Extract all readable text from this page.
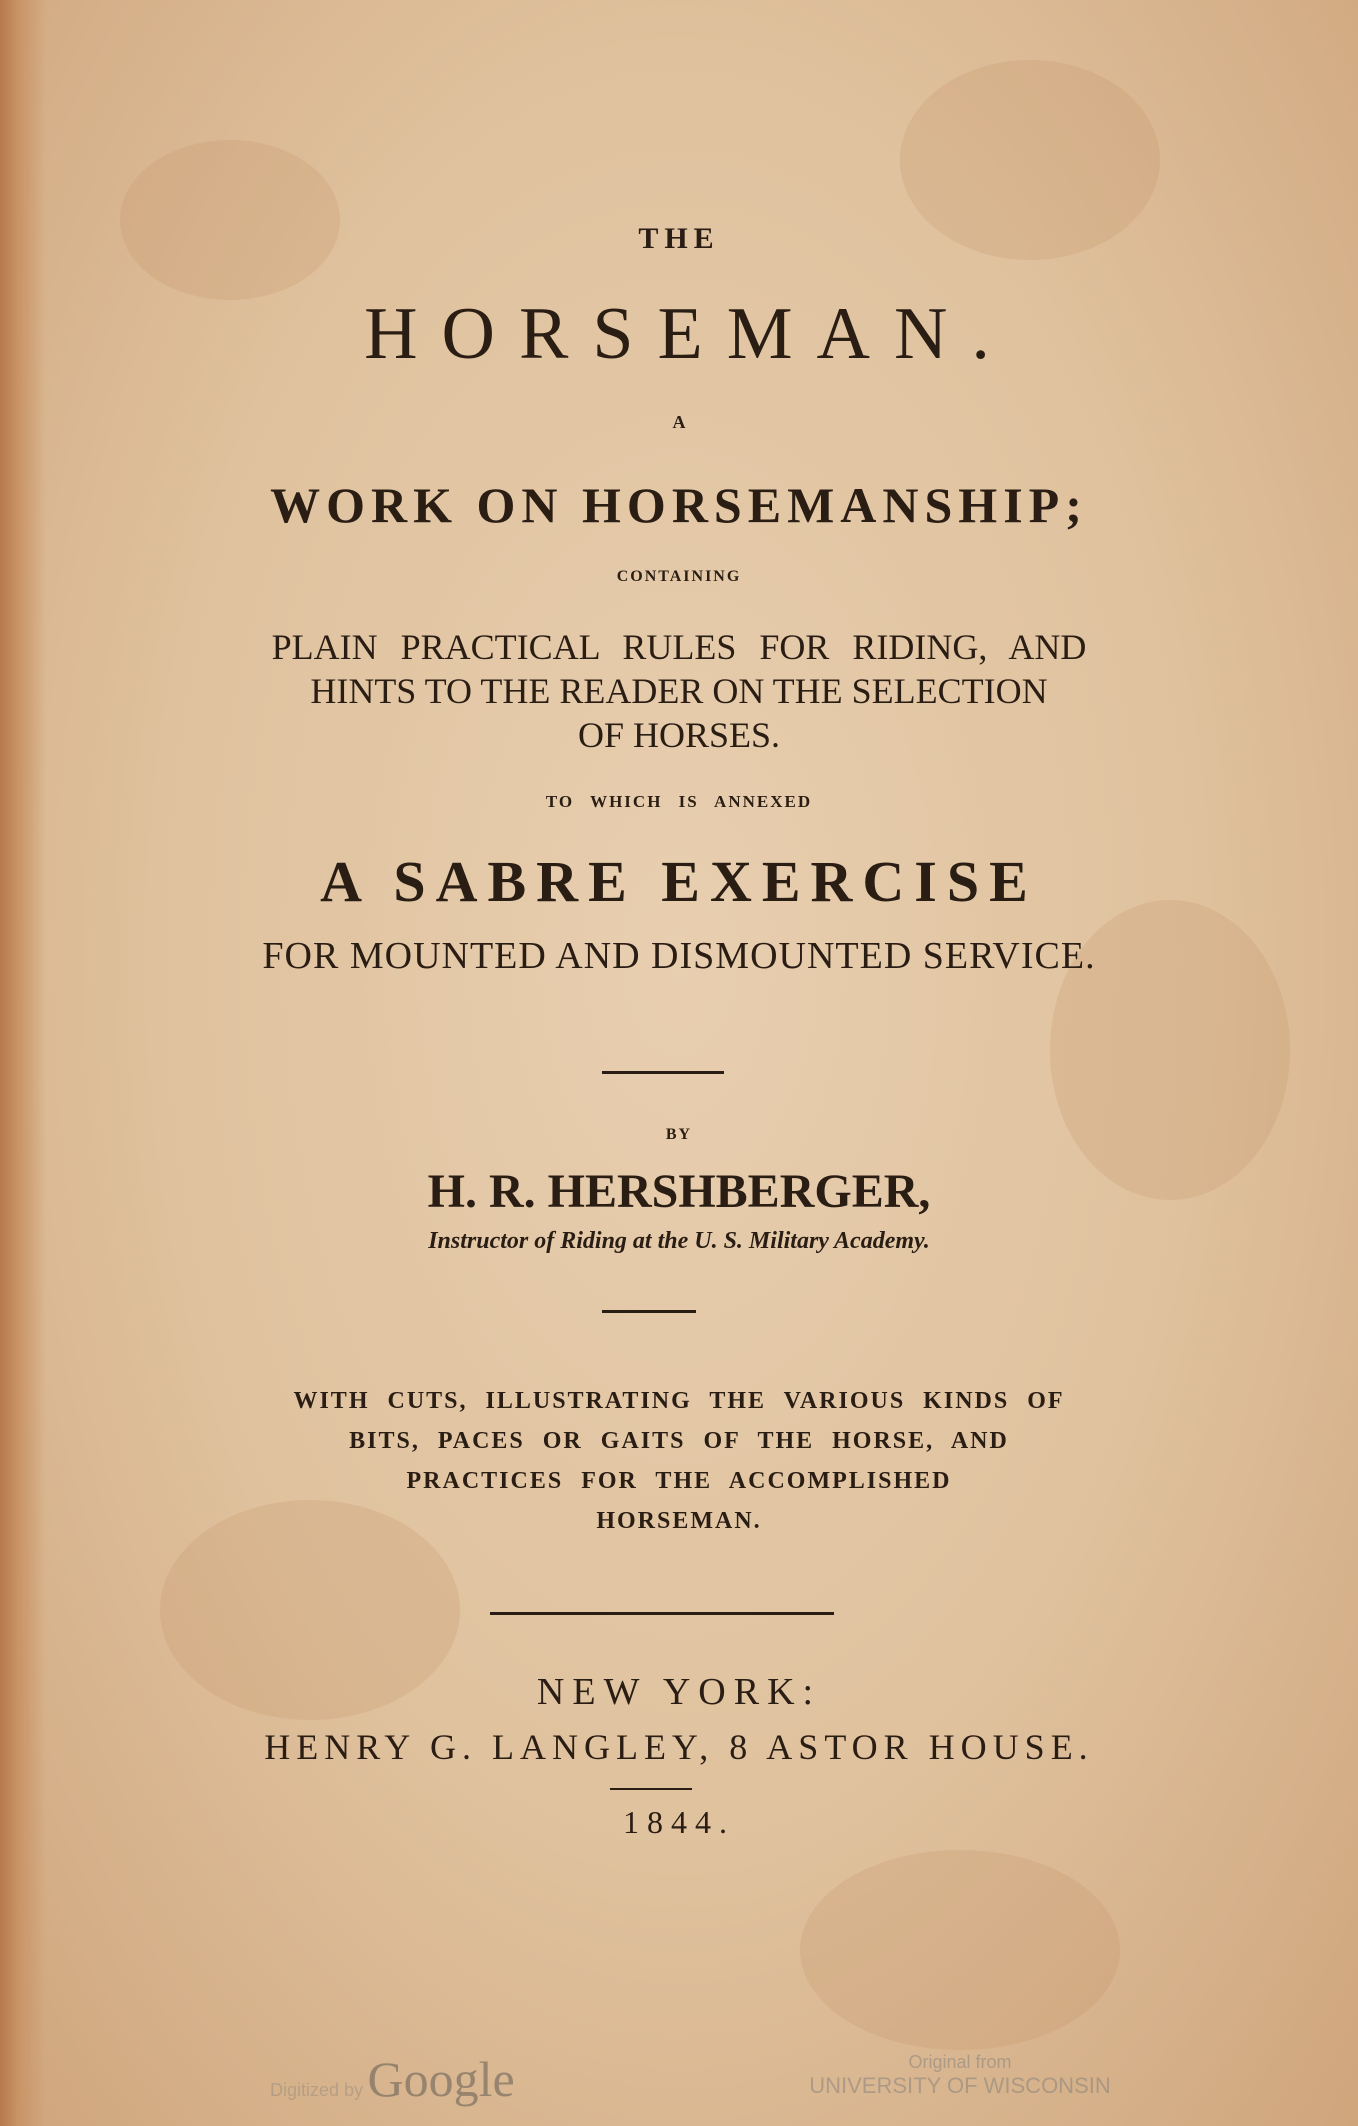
THE
HORSEMAN.
A
WORK ON HORSEMANSHIP;
CONTAINING
PLAIN PRACTICAL RULES FOR RIDING, AND
HINTS TO THE READER ON THE SELECTION
OF HORSES.
TO WHICH IS ANNEXED
A SABRE EXERCISE
FOR MOUNTED AND DISMOUNTED SERVICE.
BY
H. R. HERSHBERGER,
Instructor of Riding at the U. S. Military Academy.
WITH CUTS, ILLUSTRATING THE VARIOUS KINDS OF
BITS, PACES OR GAITS OF THE HORSE, AND
PRACTICES FOR THE ACCOMPLISHED
HORSEMAN.
NEW YORK:
HENRY G. LANGLEY, 8 ASTOR HOUSE.
1844.
Digitized by Google	Original from
UNIVERSITY OF WISCONSIN
